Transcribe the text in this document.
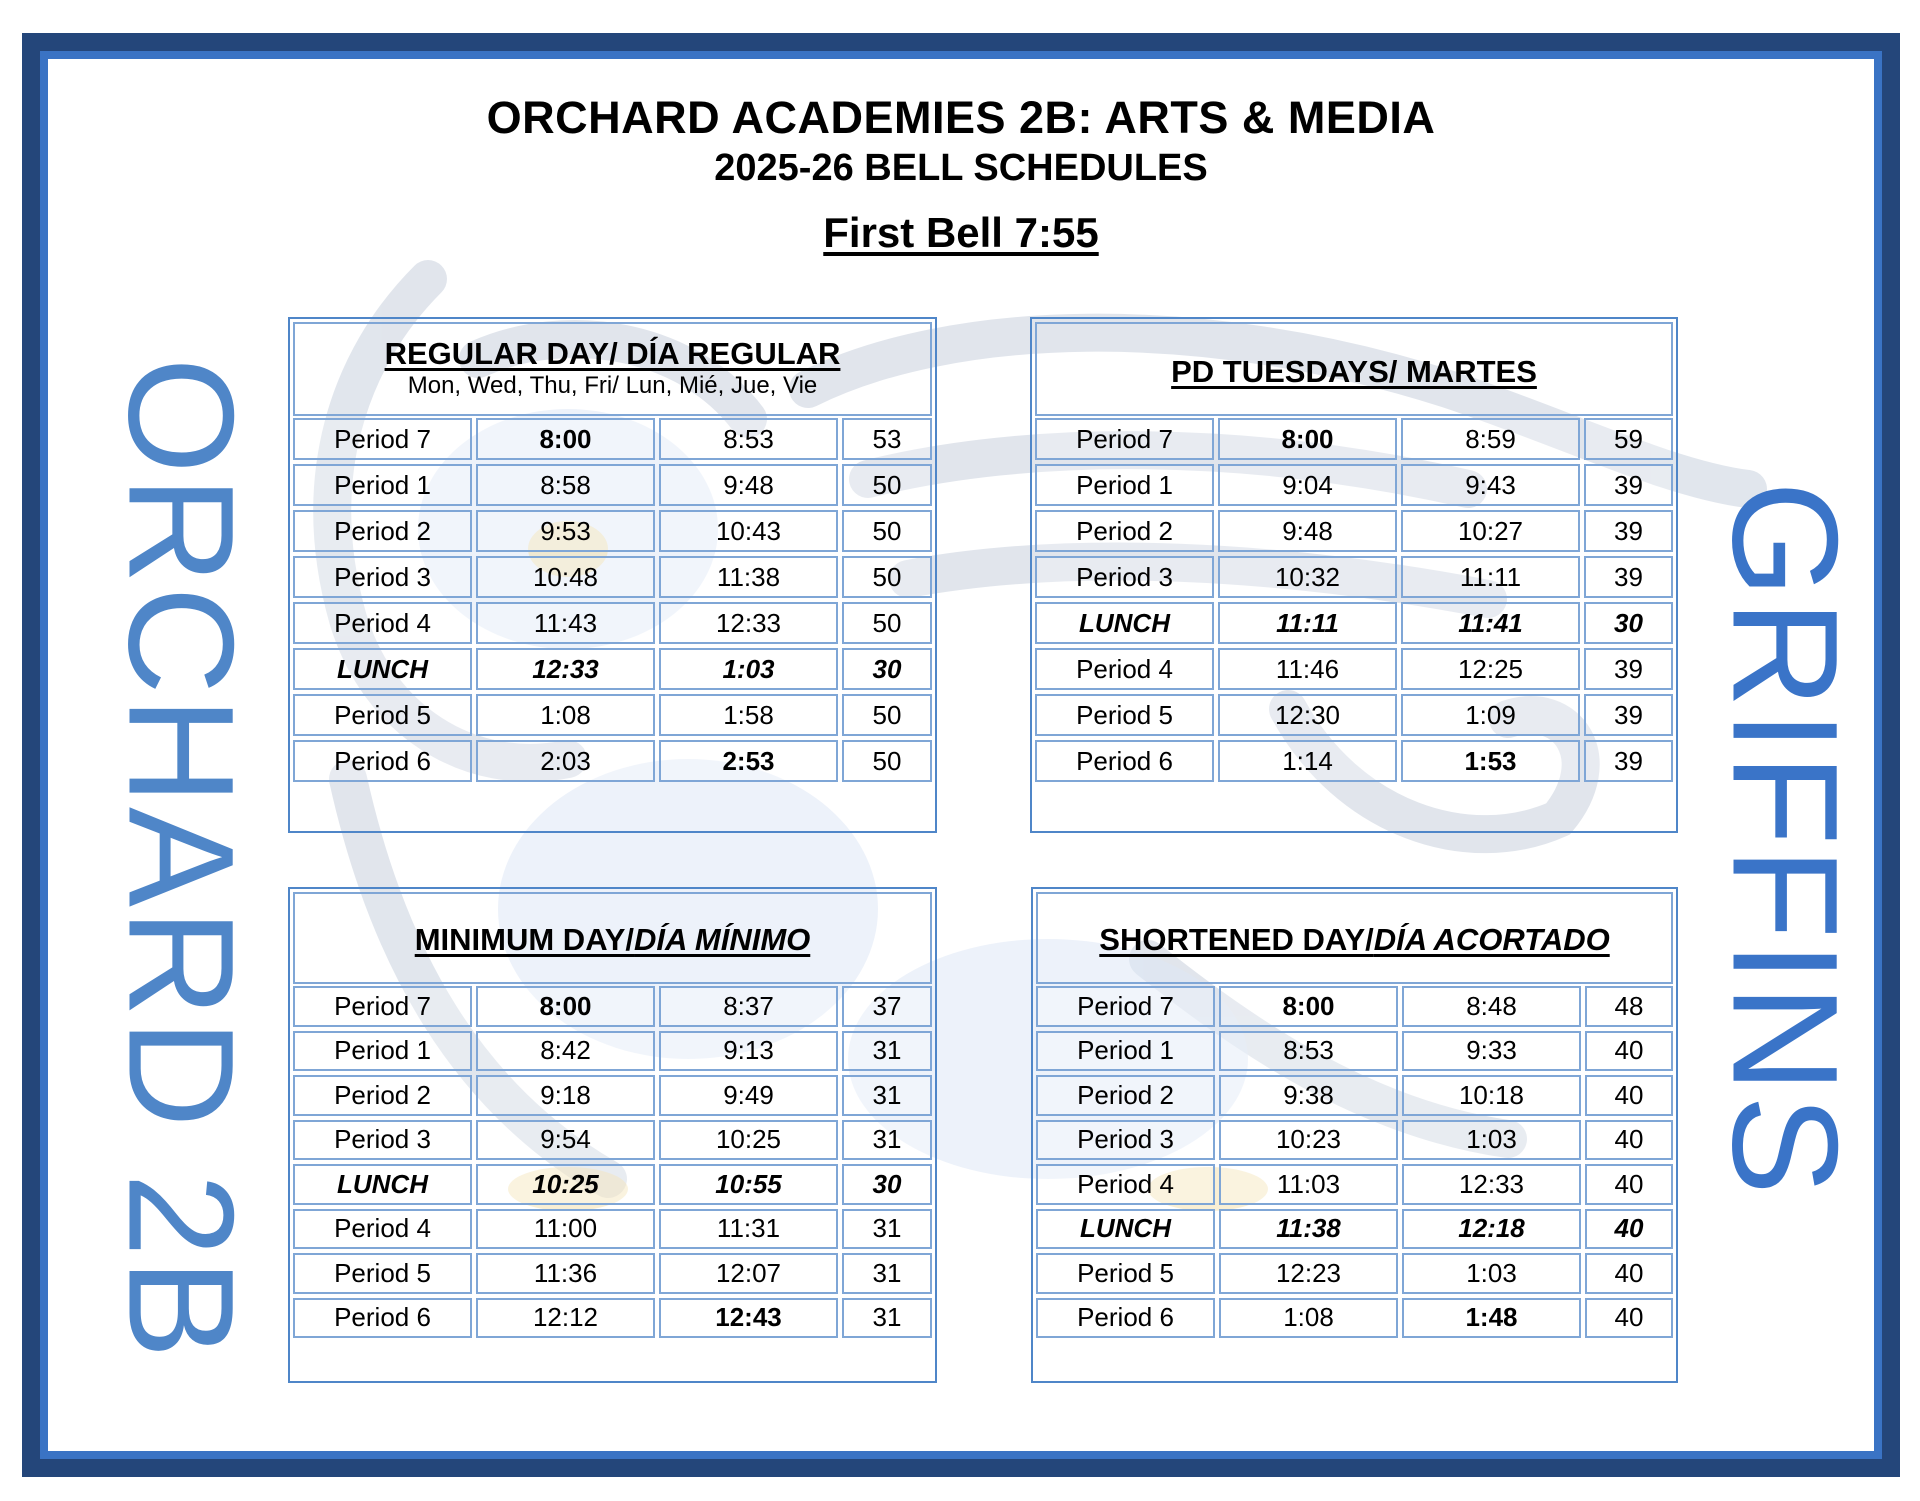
ORCHARD ACADEMIES 2B: ARTS & MEDIA
2025-26 BELL SCHEDULES
First Bell 7:55
ORCHARD 2B	GRIFFINS
REGULAR DAY/ DÍA REGULAR
Mon, Wed, Thu, Fri/ Lun, Mié, Jue, Vie
Period 7	8:00	8:53	53
Period 1	8:58	9:48	50
Period 2	9:53	10:43	50
Period 3	10:48	11:38	50
Period 4	11:43	12:33	50
LUNCH	12:33	1:03	30
Period 5	1:08	1:58	50
Period 6	2:03	2:53	50
PD TUESDAYS/ MARTES
Period 7	8:00	8:59	59
Period 1	9:04	9:43	39
Period 2	9:48	10:27	39
Period 3	10:32	11:11	39
LUNCH	11:11	11:41	30
Period 4	11:46	12:25	39
Period 5	12:30	1:09	39
Period 6	1:14	1:53	39
MINIMUM DAY/DÍA MÍNIMO
Period 7	8:00	8:37	37
Period 1	8:42	9:13	31
Period 2	9:18	9:49	31
Period 3	9:54	10:25	31
LUNCH	10:25	10:55	30
Period 4	11:00	11:31	31
Period 5	11:36	12:07	31
Period 6	12:12	12:43	31
SHORTENED DAY/DÍA ACORTADO
Period 7	8:00	8:48	48
Period 1	8:53	9:33	40
Period 2	9:38	10:18	40
Period 3	10:23	1:03	40
Period 4	11:03	12:33	40
LUNCH	11:38	12:18	40
Period 5	12:23	1:03	40
Period 6	1:08	1:48	40
